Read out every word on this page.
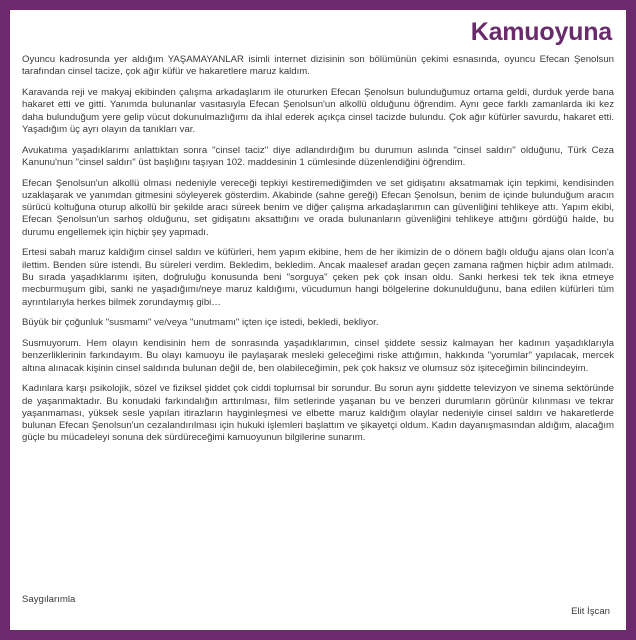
Kamuoyuna

Oyuncu kadrosunda yer aldığım YAŞAMAYANLAR isimli internet dizisinin son bölümünün çekimi esnasında, oyuncu Efecan Şenolsun tarafından cinsel tacize, çok ağır küfür ve hakaretlere maruz kaldım.

Karavanda reji ve makyaj ekibinden çalışma arkadaşlarım ile otururken Efecan Şenolsun bulunduğumuz ortama geldi, durduk yerde bana hakaret etti ve gitti. Yanımda bulunanlar vasıtasıyla Efecan Şenolsun'un alkollü olduğunu öğrendim. Aynı gece farklı zamanlarda iki kez daha bulunduğum yere gelip vücut dokunulmazlığımı da ihlal ederek açıkça cinsel tacizde bulundu. Çok ağır küfürler savurdu, hakaret etti. Yaşadığım üç ayrı olayın da tanıkları var.

Avukatıma yaşadıklarımı anlattıktan sonra "cinsel taciz" diye adlandırdığım bu durumun aslında "cinsel saldırı" olduğunu, Türk Ceza Kanunu'nun "cinsel saldırı" üst başlığını taşıyan 102. maddesinin 1 cümlesinde düzenlendiğini öğrendim.

Efecan Şenolsun'un alkollü olması nedeniyle vereceği tepkiyi kestiremediğimden ve set gidişatını aksatmamak için tepkimi, kendisinden uzaklaşarak ve yanımdan gitmesini söyleyerek gösterdim. Akabinde (sahne gereği) Efecan Şenolsun, benim de içinde bulunduğum aracın sürücü koltuğuna oturup alkollü bir şekilde aracı süreek benim ve diğer çalışma arkadaşlarımın can güvenliğini tehlikeye attı. Yapım ekibi, Efecan Şenolsun'un sarhoş olduğunu, set gidişatını aksattığını ve orada bulunanların güvenliğini tehlikeye attığını gördüğü halde, bu durumu engellemek için hiçbir şey yapmadı.

Ertesi sabah maruz kaldığım cinsel saldırı ve küfürleri, hem yapım ekibine, hem de her ikimizin de o dönem bağlı olduğu ajans olan Icon'a ilettim. Benden süre istendi. Bu süreleri verdim. Bekledim, bekledim. Ancak maalesef aradan geçen zamana rağmen hiçbir adım atılmadı. Bu sırada yaşadıklarımı işiten, doğruluğu konusunda beni "sorguya" çeken pek çok insan oldu. Sanki herkesi tek tek ikna etmeye mecburmuşum gibi, sanki ne yaşadığımı/neye maruz kaldığımı, vücudumun hangi bölgelerine dokunulduğunu, bana edilen küfürleri tüm ayrıntılarıyla herkes bilmek zorundaymış gibi…

Büyük bir çoğunluk "susmamı" ve/veya "unutmamı" içten içe istedi, bekledi, bekliyor.

Susmuyorum. Hem olayın kendisinin hem de sonrasında yaşadıklarımın, cinsel şiddete sessiz kalmayan her kadının yaşadıklarıyla benzerliklerinin farkındayım. Bu olayı kamuoyu ile paylaşarak mesleki geleceğimi riske attığımın, hakkında "yorumlar" yapılacak, mercek altına alınacak kişinin cinsel saldırıda bulunan değil de, ben olabileceğimin, pek çok haksız ve olumsuz söz işiteceğimin bilincindeyim.

Kadınlara karşı psikolojik, sözel ve fiziksel şiddet çok ciddi toplumsal bir sorundur. Bu sorun aynı şiddette televizyon ve sinema sektöründe de yaşanmaktadır. Bu konudaki farkındalığın arttırılması, film setlerinde yaşanan bu ve benzeri durumların görünür kılınması ve tekrar yaşanmaması, yüksek sesle yapılan itirazların hayginleşmesi ve elbette maruz kaldığım olaylar nedeniyle cinsel saldırı ve hakaretlerde bulunan Efecan Şenolsun'un cezalandırılması için hukuki işlemleri başlattım ve şikayetçi oldum. Kadın dayanışmasından aldığım, alacağım güçle bu mücadeleyi sonuna dek sürdüreceğimi kamuoyunun bilgilerine sunarım.

Saygılarımla
Elit İşcan
